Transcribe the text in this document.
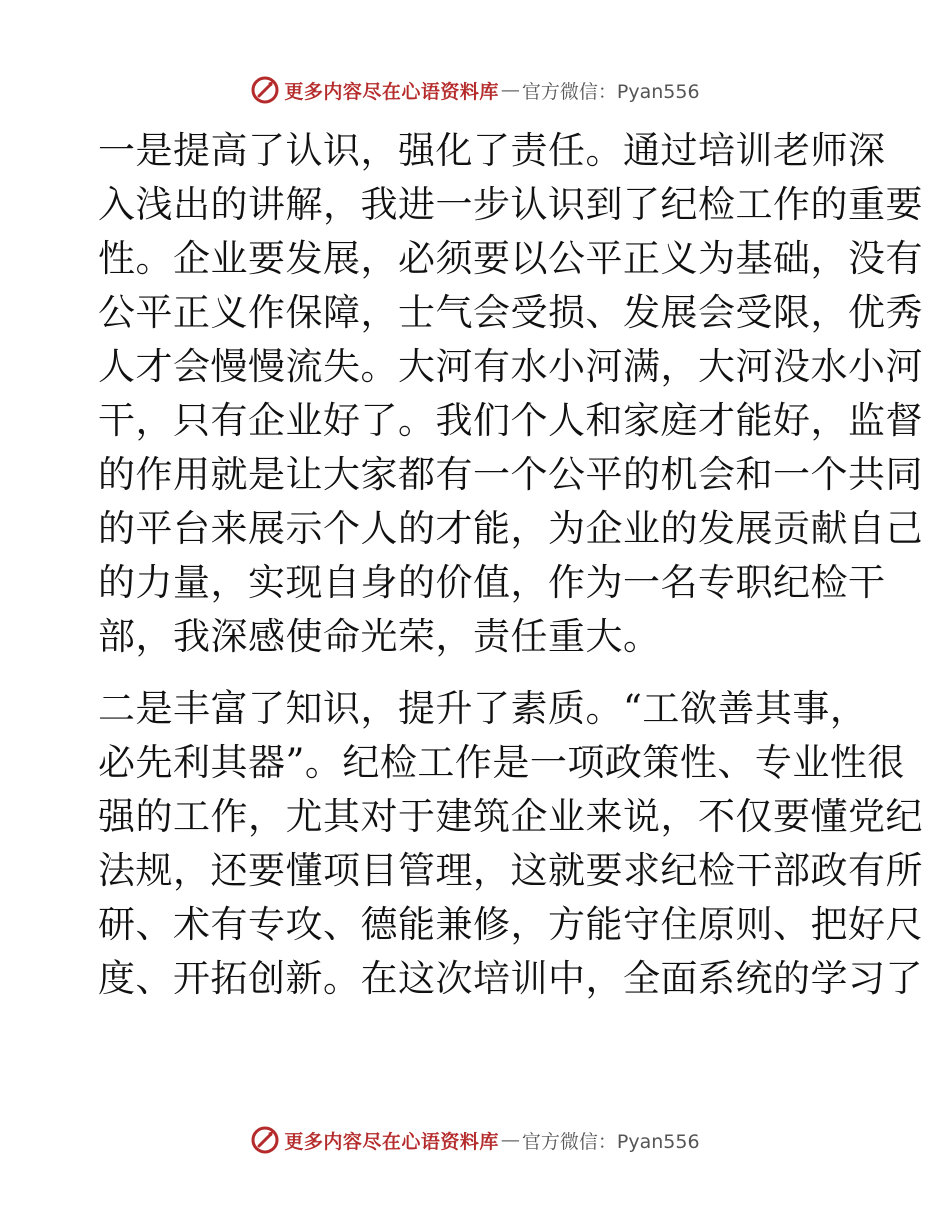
更多内容尽在心语资料库 — 官方微信：Pyan556
一是提高了认识，强化了责任。通过培训老师深
入浅出的讲解，我进一步认识到了纪检工作的重要
性。企业要发展，必须要以公平正义为基础，没有
公平正义作保障，士气会受损、发展会受限，优秀
人才会慢慢流失。大河有水小河满，大河没水小河
干，只有企业好了。我们个人和家庭才能好，监督
的作用就是让大家都有一个公平的机会和一个共同
的平台来展示个人的才能，为企业的发展贡献自己
的力量，实现自身的价值，作为一名专职纪检干
部，我深感使命光荣，责任重大。
二是丰富了知识，提升了素质。“工欲善其事，
必先利其器”。纪检工作是一项政策性、专业性很
强的工作，尤其对于建筑企业来说，不仅要懂党纪
法规，还要懂项目管理，这就要求纪检干部政有所
研、术有专攻、德能兼修，方能守住原则、把好尺
度、开拓创新。在这次培训中，全面系统的学习了
更多内容尽在心语资料库 — 官方微信：Pyan556
